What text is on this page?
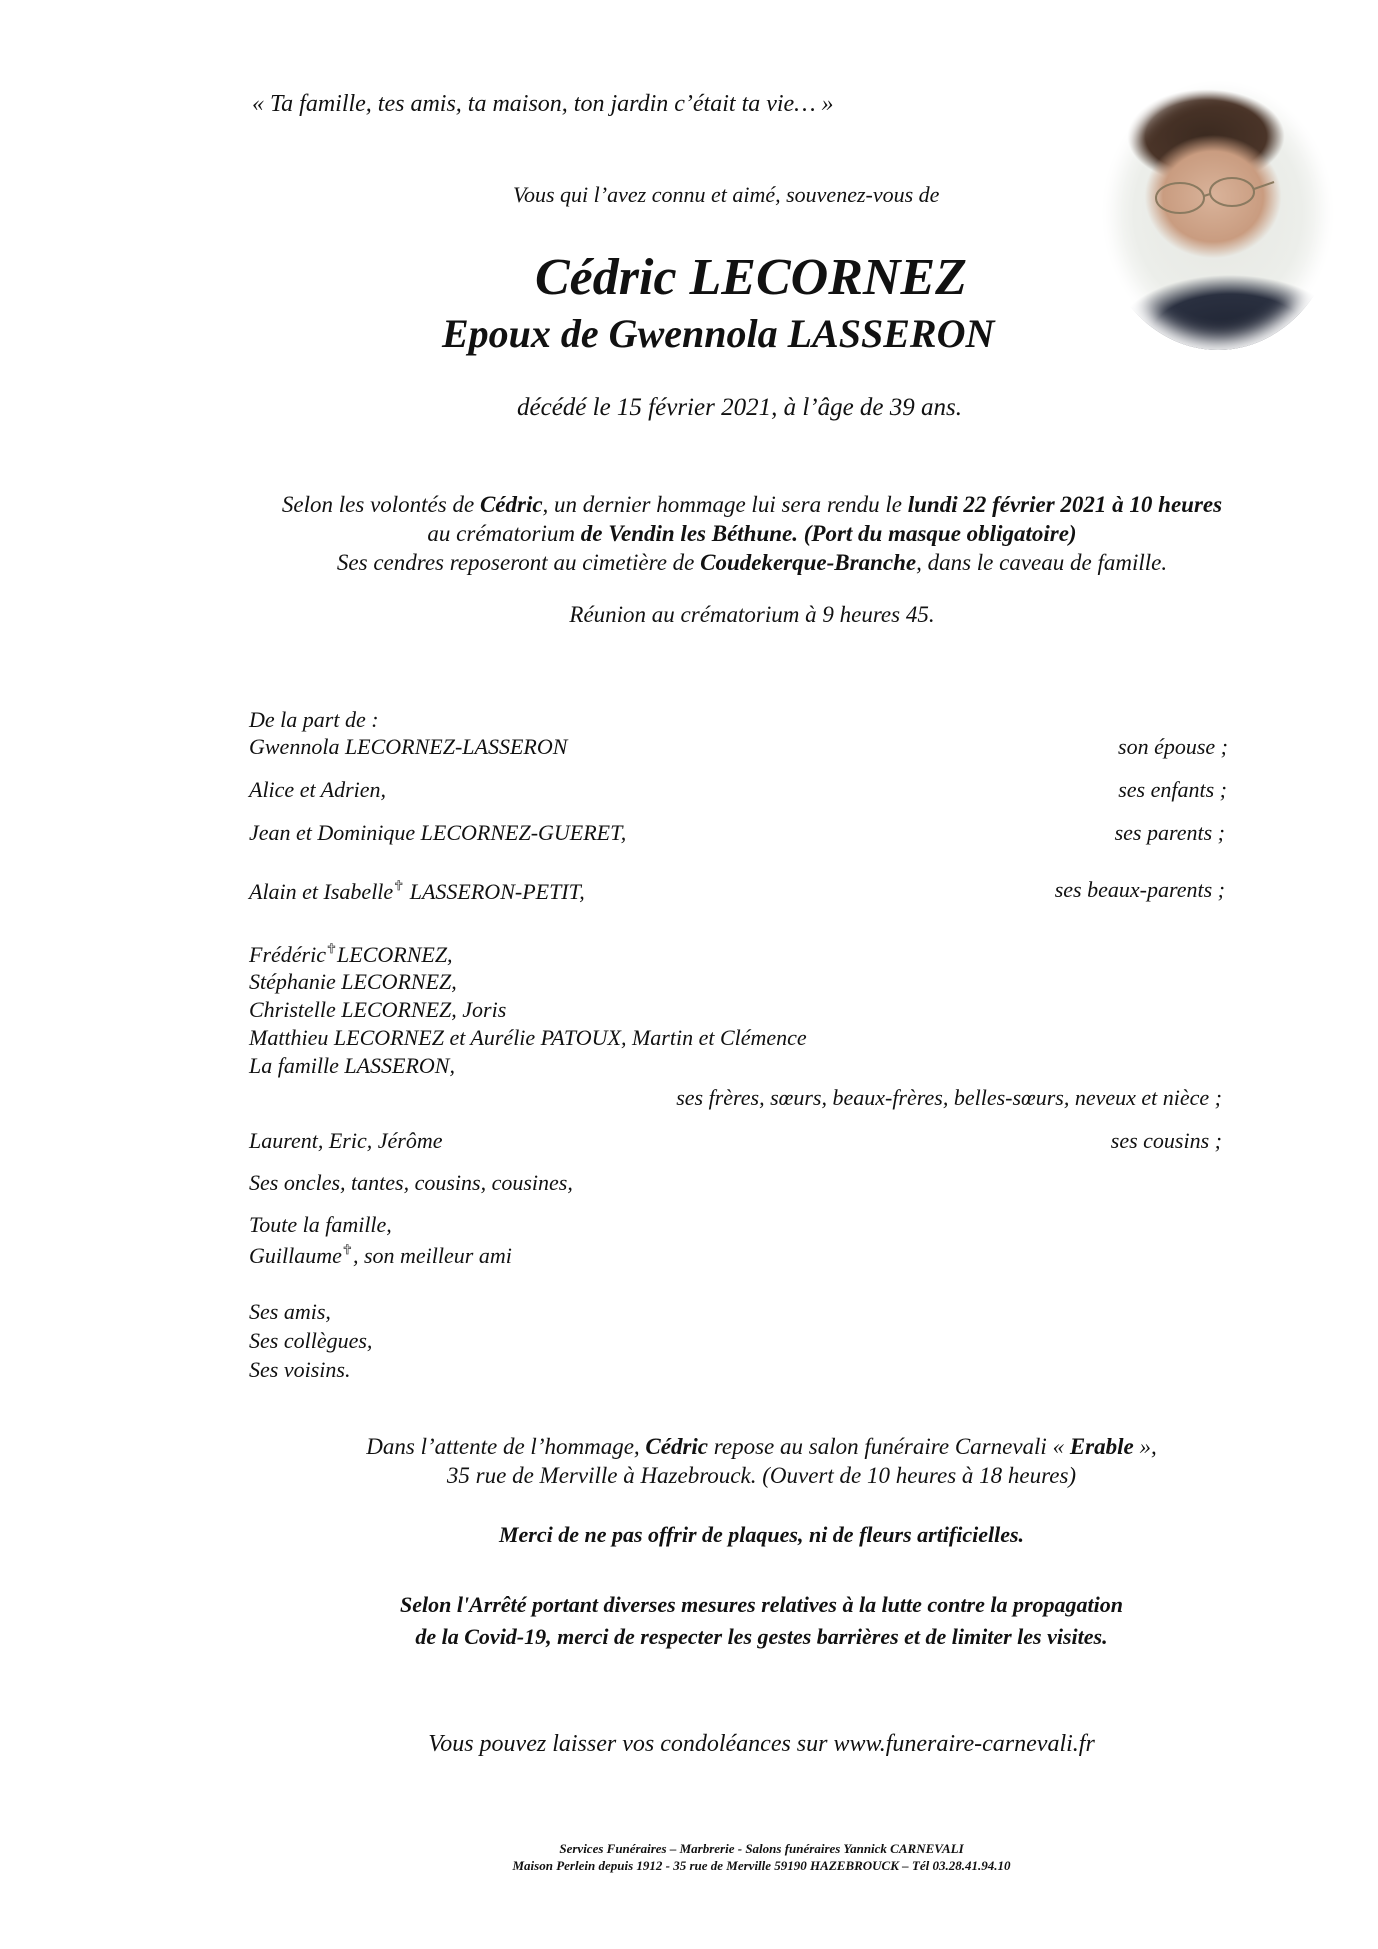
« Ta famille, tes amis, ta maison, ton jardin c’était ta vie… »
Vous qui l’avez connu et aimé, souvenez-vous de
Cédric LECORNEZ
Epoux de Gwennola LASSERON
décédé le 15 février 2021, à l’âge de 39 ans.
Selon les volontés de Cédric, un dernier hommage lui sera rendu le lundi 22 février 2021 à 10 heures
au crématorium de Vendin les Béthune. (Port du masque obligatoire)
Ses cendres reposeront au cimetière de Coudekerque-Branche, dans le caveau de famille.
Réunion au crématorium à 9 heures 45.
De la part de :
Gwennola LECORNEZ-LASSERON	son épouse ;
Alice et Adrien,	ses enfants ;
Jean et Dominique LECORNEZ-GUERET,	ses parents ;
Alain et Isabelle✝ LASSERON-PETIT,	ses beaux-parents ;
Frédéric✝LECORNEZ,
Stéphanie LECORNEZ,
Christelle LECORNEZ, Joris
Matthieu LECORNEZ et Aurélie PATOUX, Martin et Clémence
La famille LASSERON,
ses frères, sœurs, beaux-frères, belles-sœurs, neveux et nièce ;
Laurent, Eric, Jérôme	ses cousins ;
Ses oncles, tantes, cousins, cousines,
Toute la famille,
Guillaume✝, son meilleur ami
Ses amis,
Ses collègues,
Ses voisins.
Dans l’attente de l’hommage, Cédric repose au salon funéraire Carnevali « Erable »,
35 rue de Merville à Hazebrouck. (Ouvert de 10 heures à 18 heures)
Merci de ne pas offrir de plaques, ni de fleurs artificielles.
Selon l'Arrêté portant diverses mesures relatives à la lutte contre la propagation
de la Covid-19, merci de respecter les gestes barrières et de limiter les visites.
Vous pouvez laisser vos condoléances sur www.funeraire-carnevali.fr
Services Funéraires – Marbrerie - Salons funéraires Yannick CARNEVALI
Maison Perlein depuis 1912 - 35 rue de Merville 59190 HAZEBROUCK – Tél 03.28.41.94.10
